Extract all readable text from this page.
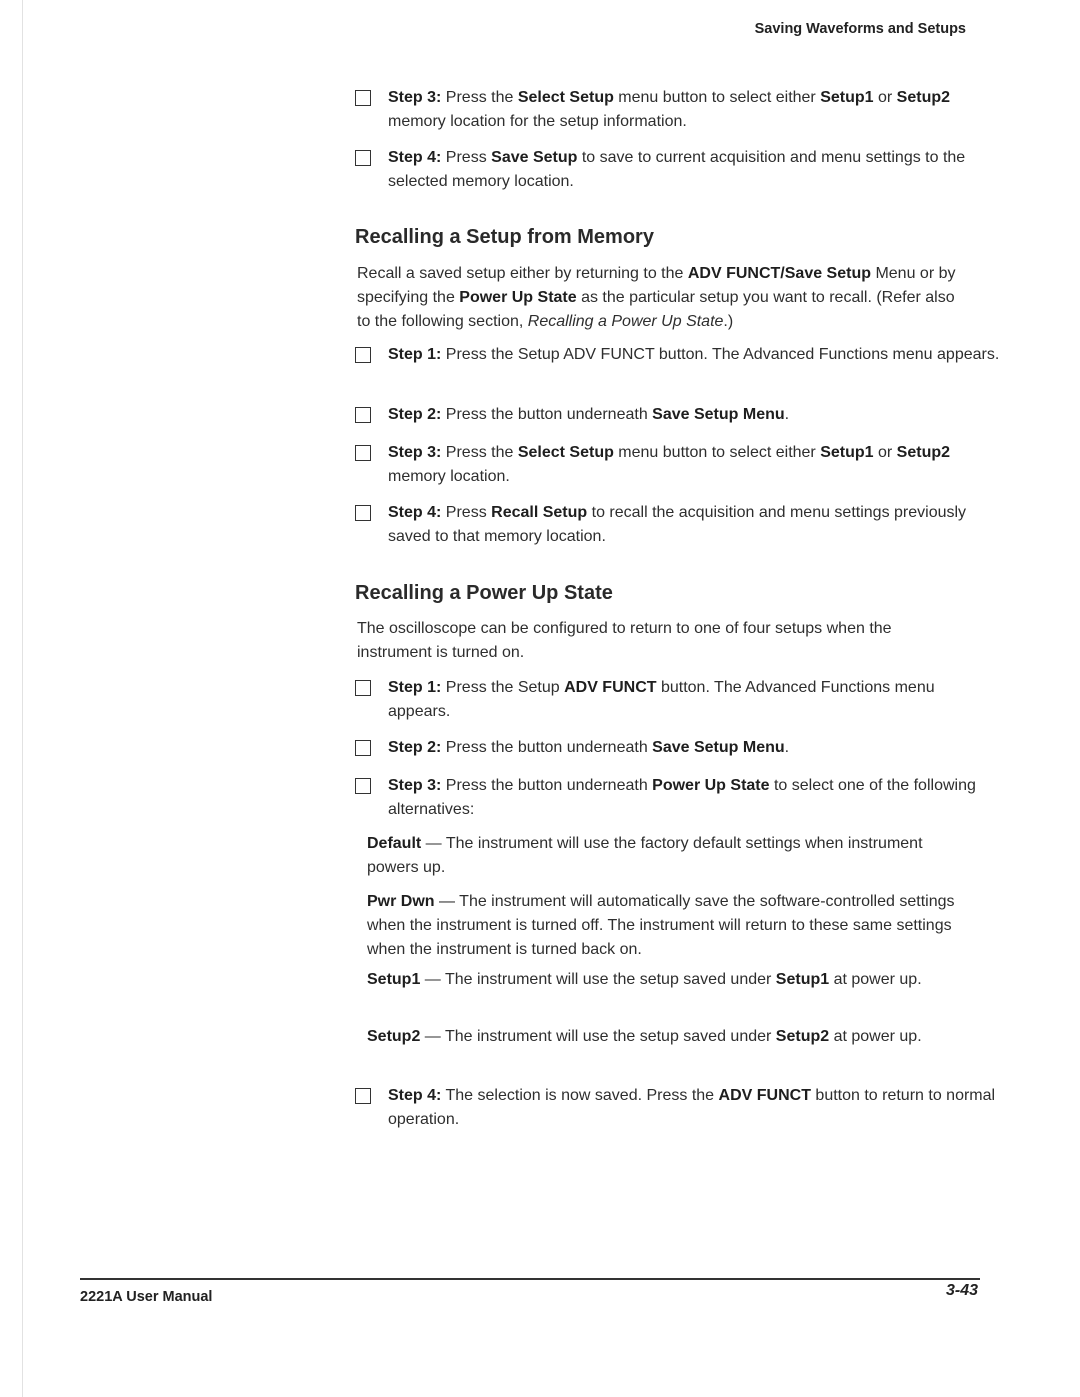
Saving Waveforms and Setups
Step 3: Press the Select Setup menu button to select either Setup1 or Setup2 memory location for the setup information.
Step 4: Press Save Setup to save to current acquisition and menu settings to the selected memory location.
Recalling a Setup from Memory
Recall a saved setup either by returning to the ADV FUNCT/Save Setup Menu or by specifying the Power Up State as the particular setup you want to recall. (Refer also to the following section, Recalling a Power Up State.)
Step 1: Press the Setup ADV FUNCT button. The Advanced Functions menu appears.
Step 2: Press the button underneath Save Setup Menu.
Step 3: Press the Select Setup menu button to select either Setup1 or Setup2 memory location.
Step 4: Press Recall Setup to recall the acquisition and menu settings previously saved to that memory location.
Recalling a Power Up State
The oscilloscope can be configured to return to one of four setups when the instrument is turned on.
Step 1: Press the Setup ADV FUNCT button. The Advanced Functions menu appears.
Step 2: Press the button underneath Save Setup Menu.
Step 3: Press the button underneath Power Up State to select one of the following alternatives:
Default — The instrument will use the factory default settings when instrument powers up.
Pwr Dwn — The instrument will automatically save the software-controlled settings when the instrument is turned off. The instrument will return to these same settings when the instrument is turned back on.
Setup1 — The instrument will use the setup saved under Setup1 at power up.
Setup2 — The instrument will use the setup saved under Setup2 at power up.
Step 4: The selection is now saved. Press the ADV FUNCT button to return to normal operation.
2221A User Manual	3-43
